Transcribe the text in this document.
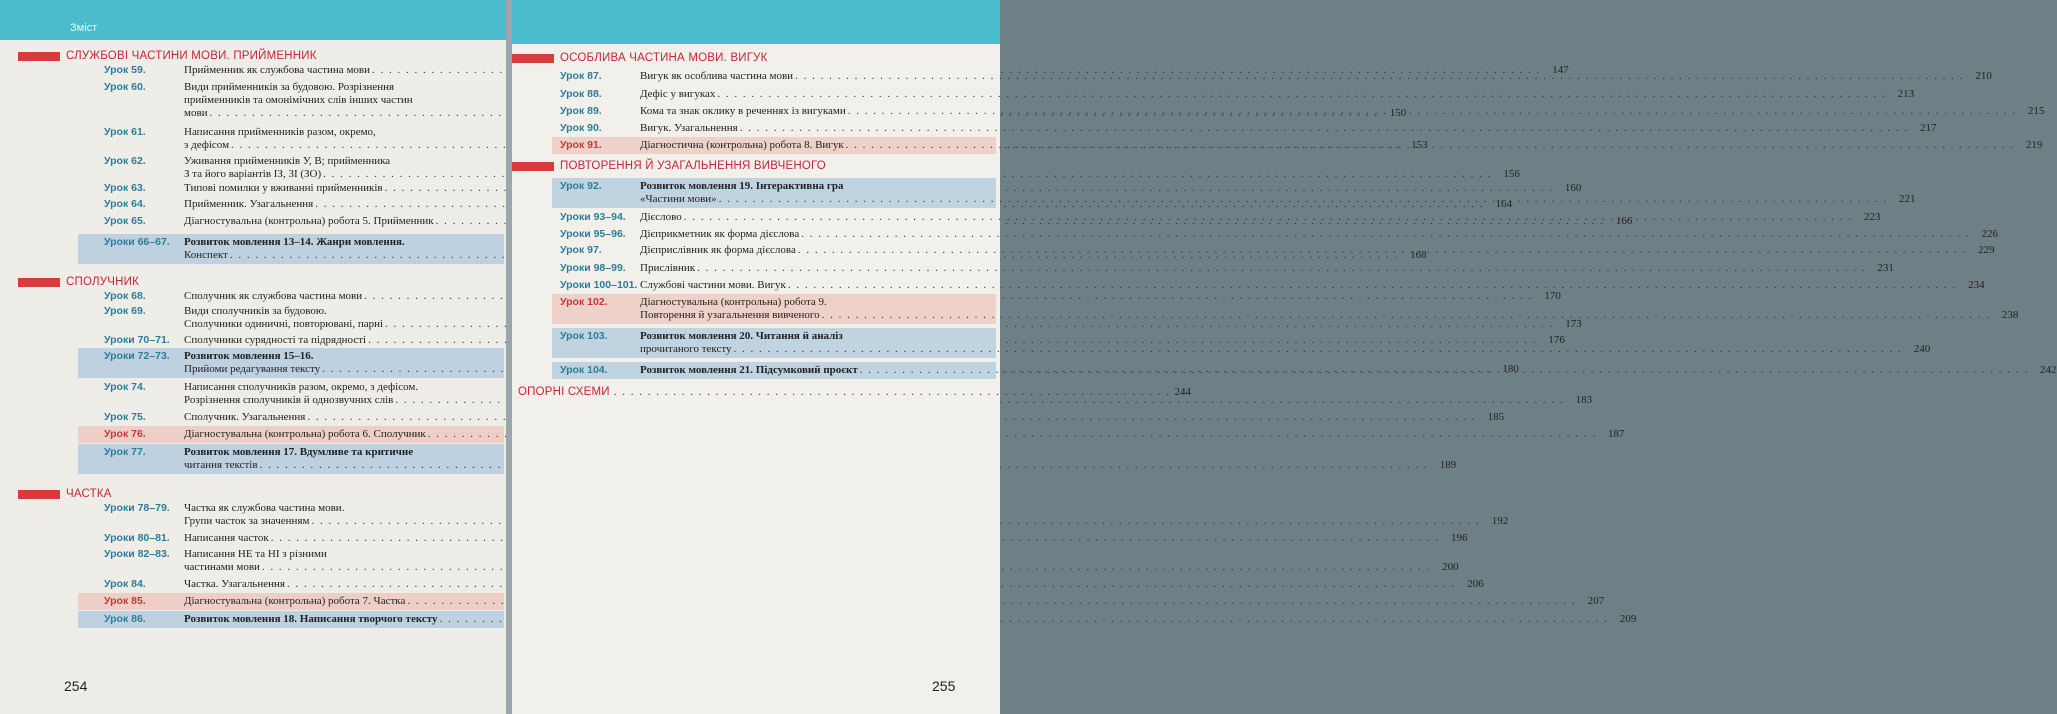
Зміст
СЛУЖБОВІ ЧАСТИНИ МОВИ. ПРИЙМЕННИК
СПОЛУЧНИК
ЧАСТКА
Урок 59.	Прийменник як службова частина мови . . .	147
Урок 60.	Види прийменників за будовою. Розрізнення
прийменників та омонімічних слів інших частин
мови . . .	150
Урок 61.	Написання прийменників разом, окремо,
з дефісом . . .	153
Урок 62.	Уживання прийменників У, В; прийменника
З та його варіантів ІЗ, ЗІ (ЗО) . . .	156
Урок 63.	Типові помилки у вживанні прийменників . . .	160
Урок 64.	Прийменник. Узагальнення . . .	164
Урок 65.	Діагностувальна (контрольна) робота 5. Прийменник . . .	166
Уроки 66–67.	Розвиток мовлення 13–14. Жанри мовлення.
Конспект . . .	168
Урок 68.	Сполучник як службова частина мови . . .	170
Урок 69.	Види сполучників за будовою.
Сполучники одиничні, повторювані, парні . . .	173
Уроки 70–71.	Сполучники сурядності та підрядності . . .	176
Уроки 72–73.	Розвиток мовлення 15–16.
Прийоми редагування тексту . . .	180
Урок 74.	Написання сполучників разом, окремо, з дефісом.
Розрізнення сполучників й однозвучних слів . . .	183
Урок 75.	Сполучник. Узагальнення . . .	185
Урок 76.	Діагностувальна (контрольна) робота 6. Сполучник . . .	187
Урок 77.	Розвиток мовлення 17. Вдумливе та критичне
читання текстів . . .	189
Уроки 78–79.	Частка як службова частина мови.
Групи часток за значенням . . .	192
Уроки 80–81.	Написання часток . . .	196
Уроки 82–83.	Написання НЕ та НІ з різними
частинами мови . . .	200
Урок 84.	Частка. Узагальнення . . .	206
Урок 85.	Діагностувальна (контрольна) робота 7. Частка . . .	207
Урок 86.	Розвиток мовлення 18. Написання творчого тексту . . .	209
254
ОСОБЛИВА ЧАСТИНА МОВИ. ВИГУК
ПОВТОРЕННЯ Й УЗАГАЛЬНЕННЯ ВИВЧЕНОГО
ОПОРНІ СХЕМИ . . . . . . . . . . . . . . . . . . . . . . . . . . . . . . . . . . . . . . . . . . . . . . . . . . . . . . . . . . . . . . . . . . 244
Урок 87.	Вигук як особлива частина мови . . .	210
Урок 88.	Дефіс у вигуках . . .	213
Урок 89.	Кома та знак оклику в реченнях із вигуками . . .	215
Урок 90.	Вигук. Узагальнення . . .	217
Урок 91.	Діагностична (контрольна) робота 8. Вигук . . .	219
Урок 92.	Розвиток мовлення 19. Інтерактивна гра
«Частини мови» . . .	221
Уроки 93–94.	Дієслово . . .	223
Уроки 95–96.	Дієприкметник як форма дієслова . . .	226
Урок 97.	Дієприслівник як форма дієслова . . .	229
Уроки 98–99.	Прислівник . . .	231
Уроки 100–101. Службові частини мови. Вигук . . .	234
Урок 102.	Діагностувальна (контрольна) робота 9.
Повторення й узагальнення вивченого . . .	238
Урок 103.	Розвиток мовлення 20. Читання й аналіз
прочитаного тексту . . .	240
Урок 104.	Розвиток мовлення 21. Підсумковий проєкт . . .	242
255
